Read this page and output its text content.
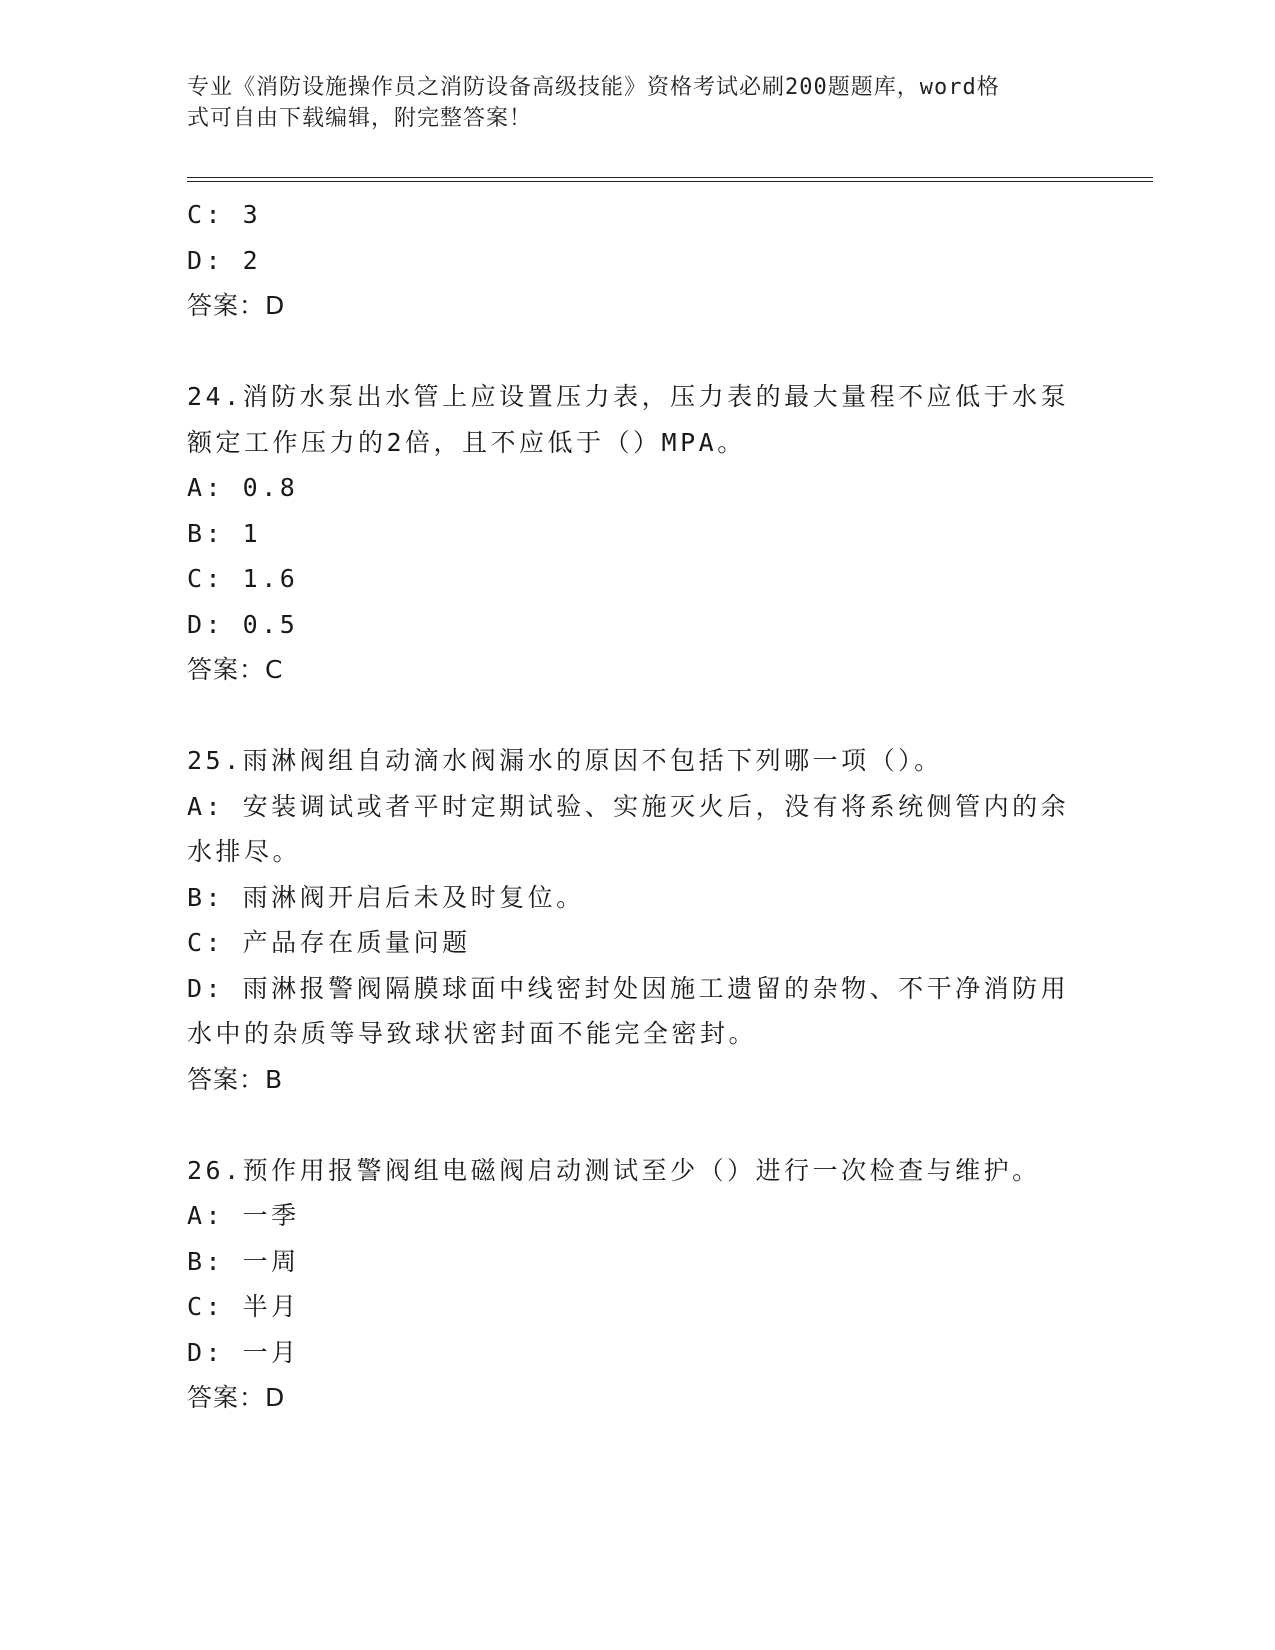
专业《消防设施操作员之消防设备高级技能》资格考试必刷200题题库，word格
式可自由下载编辑，附完整答案！
C: 3
D: 2
答案：D
24.消防水泵出水管上应设置压力表，压力表的最大量程不应低于水泵
额定工作压力的2倍，且不应低于（）MPA。
A: 0.8
B: 1
C: 1.6
D: 0.5
答案：C
25.雨淋阀组自动滴水阀漏水的原因不包括下列哪一项（）。
A: 安装调试或者平时定期试验、实施灭火后，没有将系统侧管内的余
水排尽。
B: 雨淋阀开启后未及时复位。
C: 产品存在质量问题
D: 雨淋报警阀隔膜球面中线密封处因施工遗留的杂物、不干净消防用
水中的杂质等导致球状密封面不能完全密封。
答案：B
26.预作用报警阀组电磁阀启动测试至少（）进行一次检查与维护。
A: 一季
B: 一周
C: 半月
D: 一月
答案：D
